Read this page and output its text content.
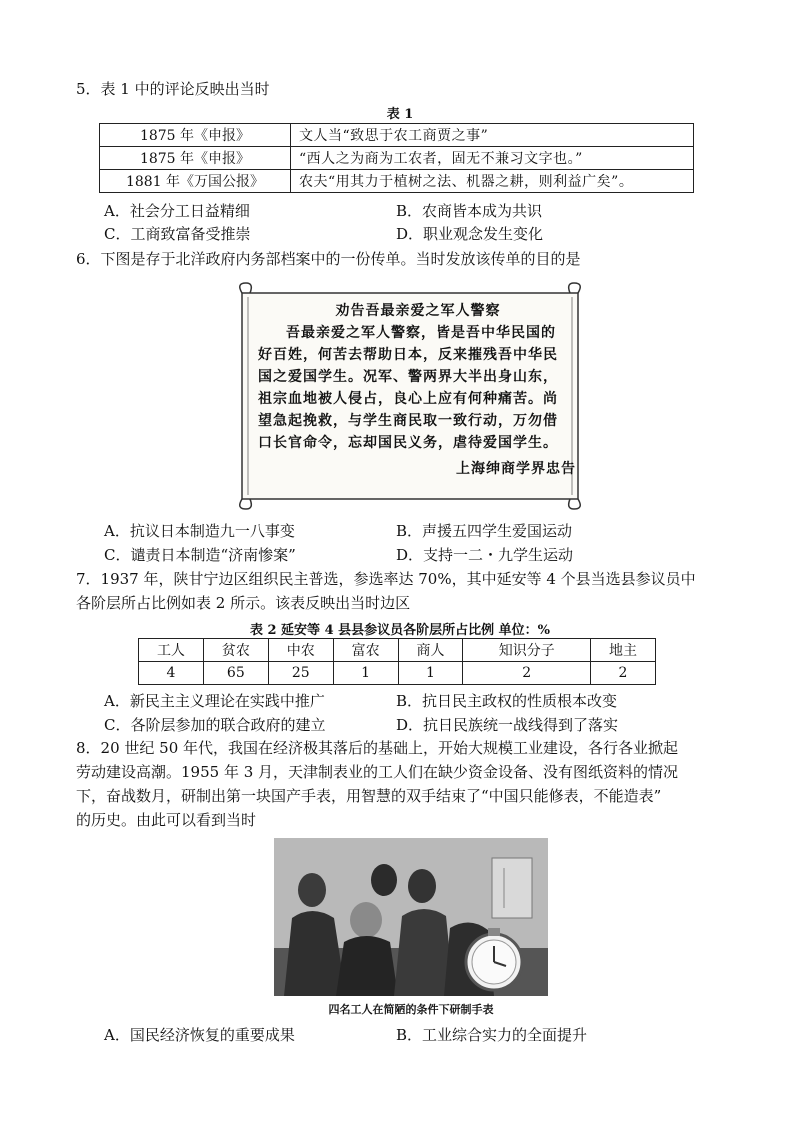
5．表 1 中的评论反映出当时
表 1
1875 年《申报》	文人当“致思于农工商贾之事”
1875 年《申报》	“西人之为商为工农者，固无不兼习文字也。”
1881 年《万国公报》	农夫“用其力于植树之法、机器之耕，则利益广矣”。
A．社会分工日益精细	B．农商皆本成为共识
C．工商致富备受推崇	D．职业观念发生变化
6．下图是存于北洋政府内务部档案中的一份传单。当时发放该传单的目的是
劝告吾最亲爱之军人警察
吾最亲爱之军人警察，皆是吾中华民国的
好百姓，何苦去帮助日本，反来摧残吾中华民
国之爱国学生。况军、警两界大半出身山东，
祖宗血地被人侵占，良心上应有何种痛苦。尚
望急起挽救，与学生商民取一致行动，万勿借
口长官命令，忘却国民义务，虐待爱国学生。
上海绅商学界忠告
A．抗议日本制造九一八事变	B．声援五四学生爱国运动
C．谴责日本制造“济南惨案”	D．支持一二・九学生运动
7．1937 年，陕甘宁边区组织民主普选，参选率达 70%，其中延安等 4 个县当选县参议员中
各阶层所占比例如表 2 所示。该表反映出当时边区
表 2 延安等 4 县县参议员各阶层所占比例 单位：%
工人	贫农	中农	富农	商人	知识分子	地主
4	65	25	1	1	2	2
A．新民主主义理论在实践中推广	B．抗日民主政权的性质根本改变
C．各阶层参加的联合政府的建立	D．抗日民族统一战线得到了落实
8．20 世纪 50 年代，我国在经济极其落后的基础上，开始大规模工业建设，各行各业掀起
劳动建设高潮。1955 年 3 月，天津制表业的工人们在缺少资金设备、没有图纸资料的情况
下，奋战数月，研制出第一块国产手表，用智慧的双手结束了“中国只能修表，不能造表”
的历史。由此可以看到当时
四名工人在简陋的条件下研制手表
A．国民经济恢复的重要成果	B．工业综合实力的全面提升
